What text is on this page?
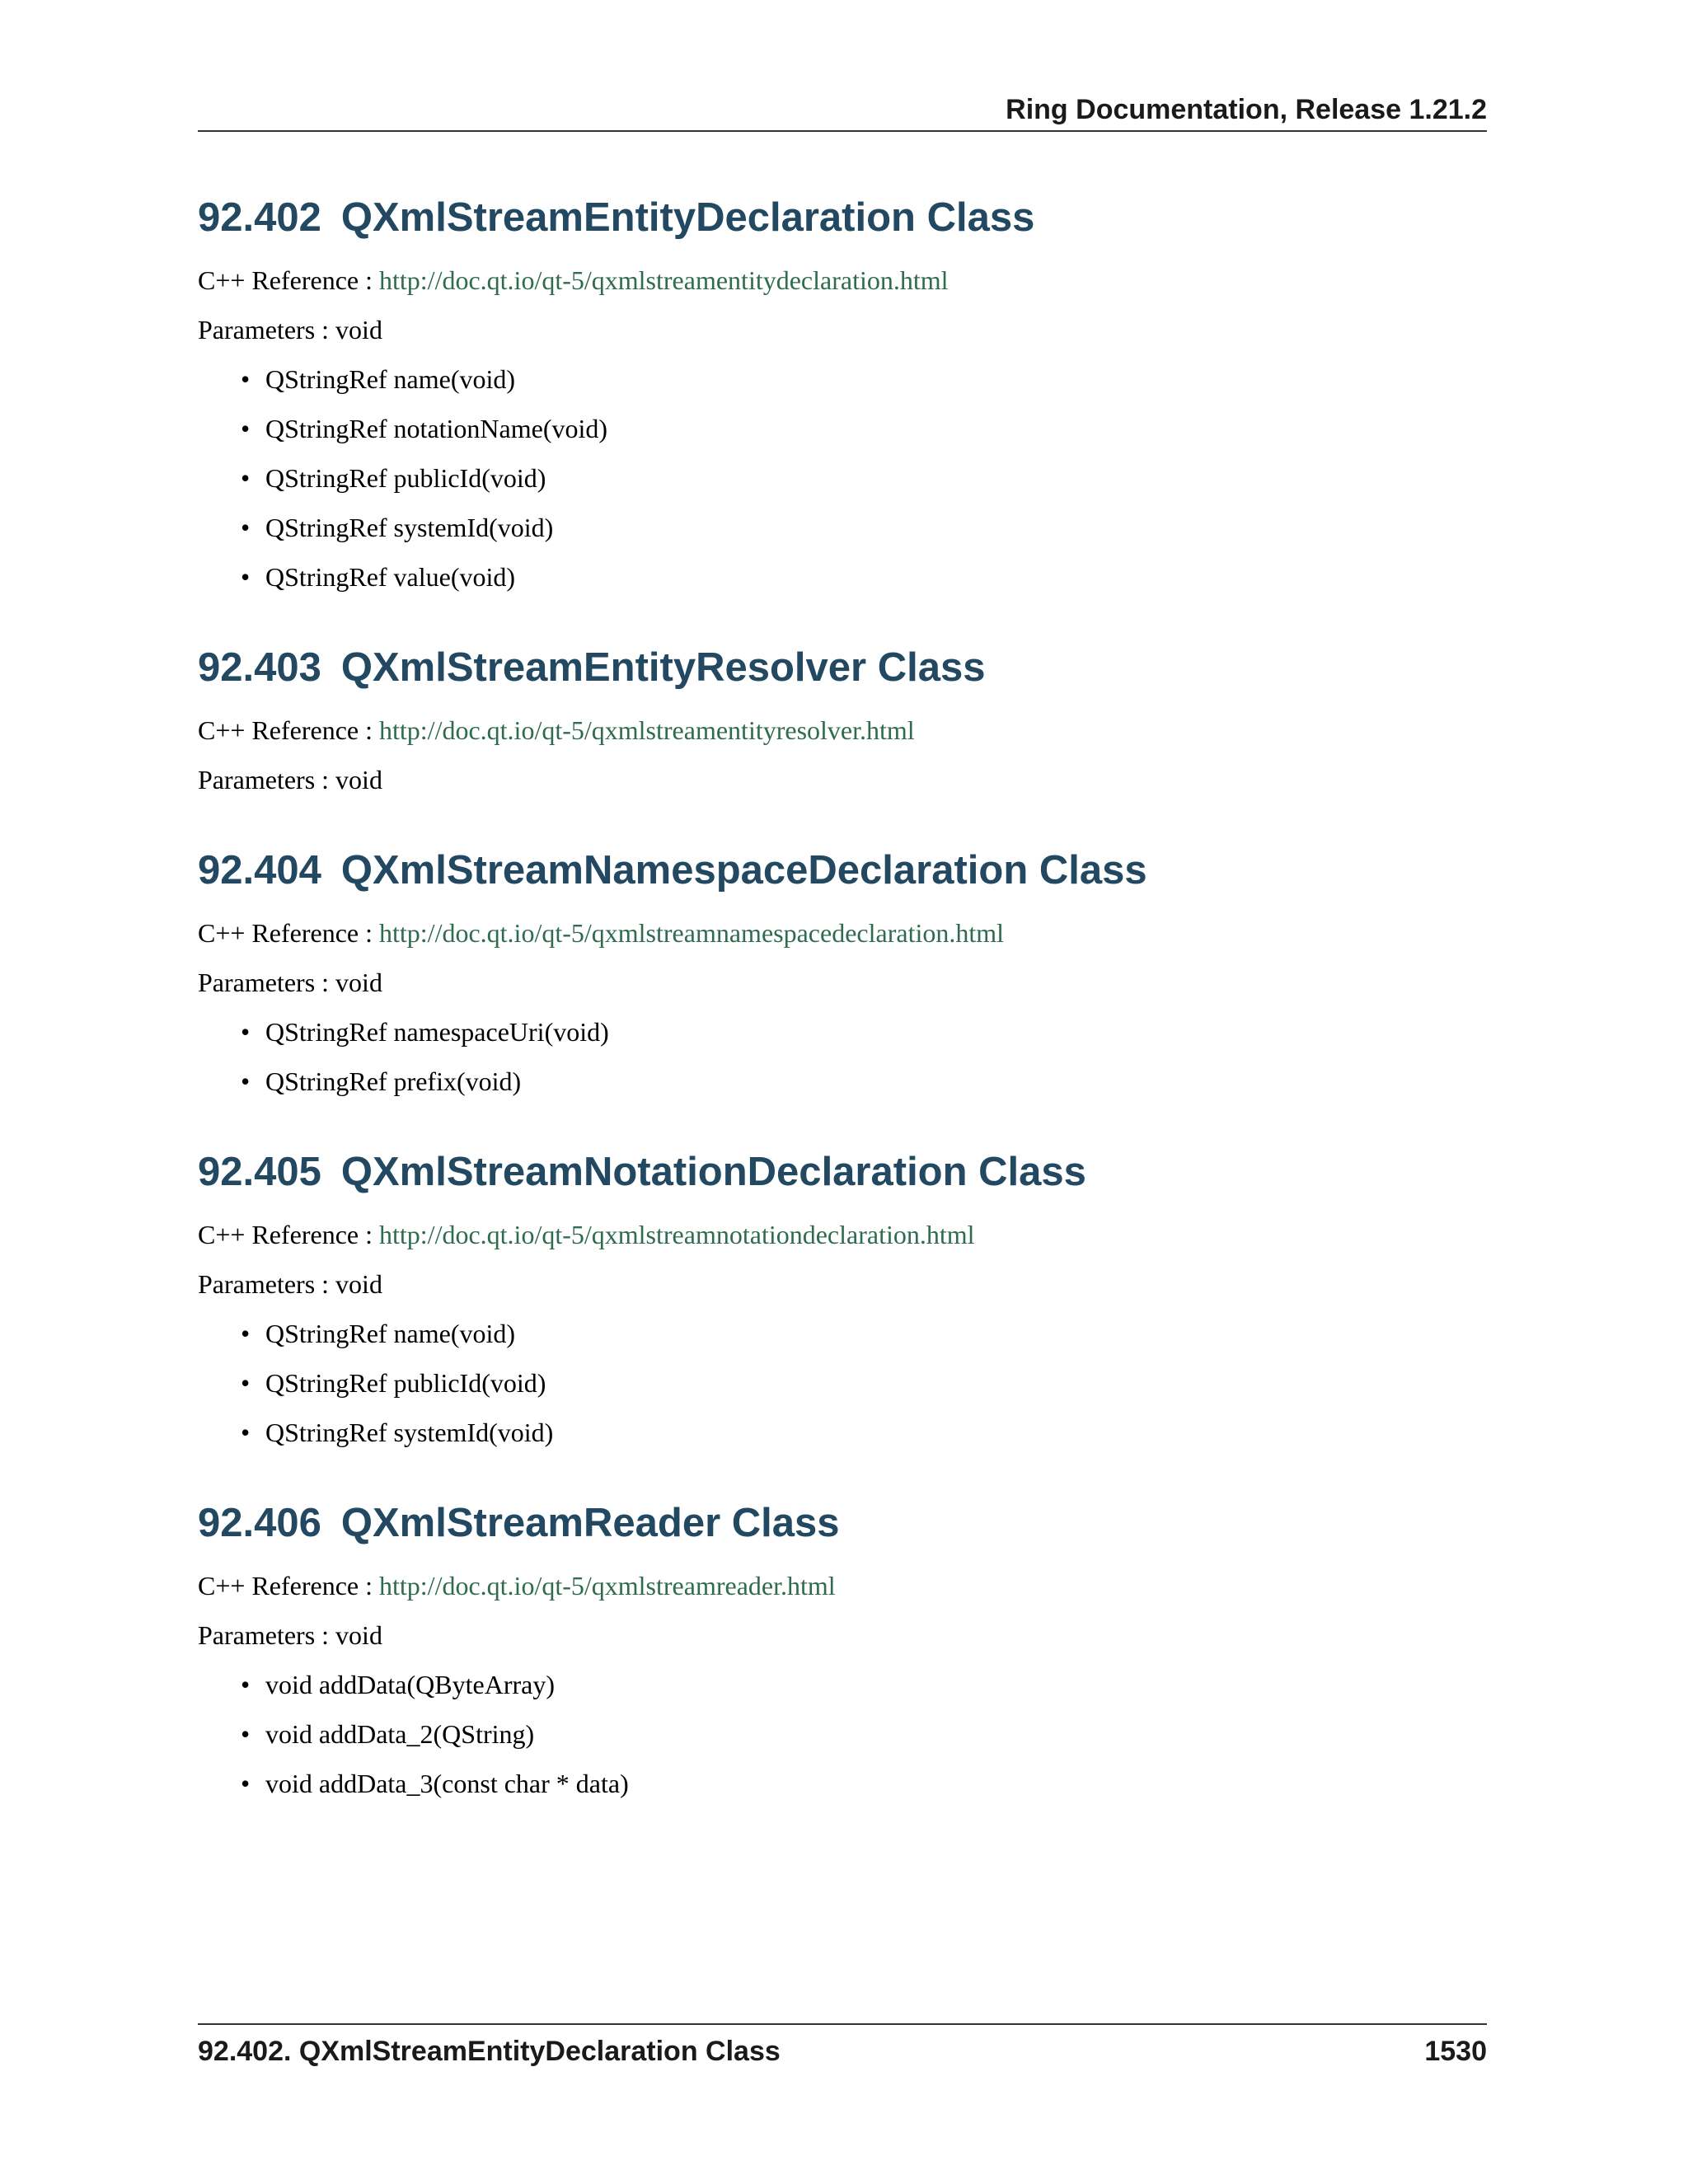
Ring Documentation, Release 1.21.2
92.402 QXmlStreamEntityDeclaration Class

C++ Reference : http://doc.qt.io/qt-5/qxmlstreamentitydeclaration.html

Parameters : void

• QStringRef name(void)
• QStringRef notationName(void)
• QStringRef publicId(void)
• QStringRef systemId(void)
• QStringRef value(void)
92.403 QXmlStreamEntityResolver Class

C++ Reference : http://doc.qt.io/qt-5/qxmlstreamentityresolver.html

Parameters : void

92.404 QXmlStreamNamespaceDeclaration Class

C++ Reference : http://doc.qt.io/qt-5/qxmlstreamnamespacedeclaration.html

Parameters : void

• QStringRef namespaceUri(void)
• QStringRef prefix(void)
92.405 QXmlStreamNotationDeclaration Class

C++ Reference : http://doc.qt.io/qt-5/qxmlstreamnotationdeclaration.html

Parameters : void

• QStringRef name(void)
• QStringRef publicId(void)
• QStringRef systemId(void)
92.406 QXmlStreamReader Class

C++ Reference : http://doc.qt.io/qt-5/qxmlstreamreader.html

Parameters : void

• void addData(QByteArray)
• void addData_2(QString)
• void addData_3(const char * data)
92.402. QXmlStreamEntityDeclaration Class	1530
